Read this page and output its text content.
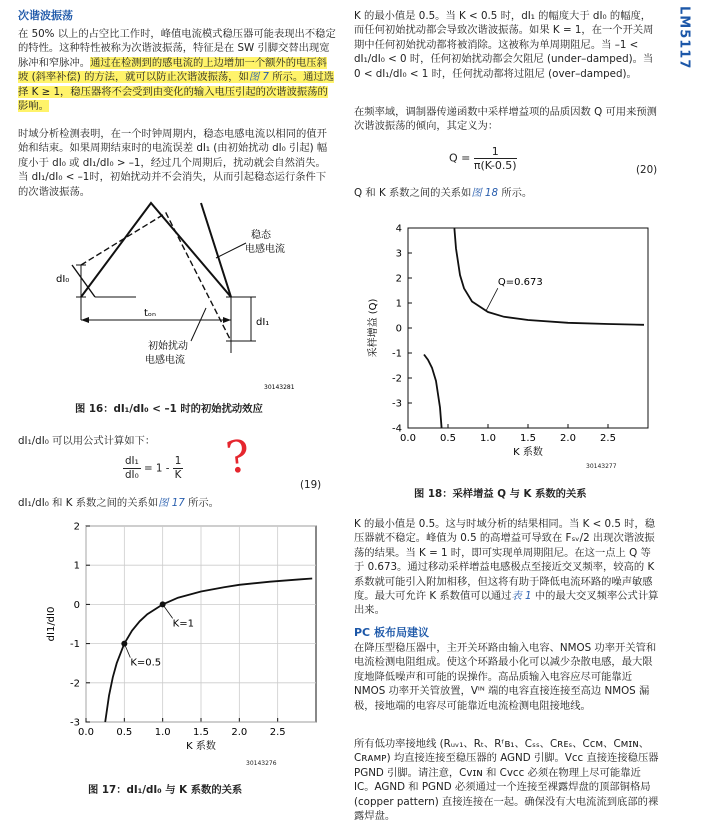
LM5117
次谐波振荡

在 50% 以上的占空比工作时，峰值电流模式稳压器可能表现出不稳定的特性。这种特性被称为次谐波振荡，特征是在 SW 引脚交替出现宽脉冲和窄脉冲。通过在检测到的感电流的上边增加一个额外的电压斜坡 (斜率补偿) 的方法，就可以防止次谐波振荡，如图 7 所示。通过选择 K ≥ 1，稳压器将不会受到由变化的输入电压引起的次谐波振荡的影响。

时域分析检测表明，在一个时钟周期内，稳态电感电流以相同的值开始和结束。如果周期结束时的电流误差 dI₁ (由初始扰动 dI₀ 引起) 幅度小于 dI₀ 或 dI₁/dI₀ > –1，经过几个周期后，扰动就会自然消失。当 dI₁/dI₀ < –1时，初始扰动并不会消失，从而引起稳态运行条件下的次谐波振荡。

dI₀
tₒₙ
dI₁
稳态
电感电流
初始扰动
电感电流
30143281
图 16：dI₁/dI₀ < –1 时的初始扰动效应
dI₁/dI₀ 可以用公式计算如下：
$\frac{\text{dI₁}}{\text{dI₀}} = 1 - \frac{1}{K}$
(19)
?
dI₁/dI₀ 和 K 系数之间的关系如图 17 所示。
0.0 0.5 1.0 1.5 2.0 2.5
2
1
0
-1
-2
-3
K 系数
dI1/dI0	K=1
K=0.5
图 17：dI₁/dI₀ 与 K 系数的关系
30143276

K 的最小值是 0.5。当 K < 0.5 时，dI₁ 的幅度大于 dI₀ 的幅度，而任何初始扰动都会导致次谐波振荡。如果 K = 1，在一个开关周期中任何初始扰动都将被消除。这被称为单周期阻尼。当 –1 < dI₁/dI₀ < 0 时，任何初始扰动都会欠阻尼 (under–damped)。当 0 < dI₁/dI₀ < 1 时，任何扰动都将过阻尼 (over–damped)。

在频率域，调制器传递函数中采样增益项的品质因数 Q 可用来预测次谐波振荡的倾向，其定义为：

$Q = \frac{1}{\pi(K-0.5)}$	(20)
Q 和 K 系数之间的关系如图 18 所示。
0.0 0.5 1.0 1.5 2.0 2.5
4
3
2
1
0
-1
-2
-3
-4
K 系数
采样增益 (Q)
Q=0.673
30143277
图 18：采样增益 Q 与 K 系数的关系

K 的最小值是 0.5。这与时域分析的结果相同。当 K < 0.5 时，稳压器就不稳定。峰值为 0.5 的高增益可导致在 Fₛᵥ/2 出现次谐波振荡的结果。当 K = 1 时，即可实现单周期阻尼。在这一点上 Q 等于 0.673。通过移动采样增益电感极点至接近交叉频率，较高的 K 系数就可能引入附加相移，但这将有助于降低电流环路的噪声敏感度。最大可允许 K 系数值可以通过表 1 中的最大交叉频率公式计算出来。

PC 板布局建议

在降压型稳压器中，主开关环路由输入电容、NMOS 功率开关管和电流检测电阻组成。使这个环路最小化可以减少杂散电感，最大限度地降低噪声和可能的误操作。高品质输入电容应尽可能靠近 NMOS 功率开关管放置，Vᴵᴺ 端的电容直接连接至高边 NMOS 漏极，接地端的电容尽可能靠近电流检测电阻接地线。

所有低功率接地线 (Rᵤᵥ₁、Rₜ、Rᶠʙ₁、Cₛₛ、Cʀᴇₛ、Cᴄᴍ、Cᴍɪɴ、Cʀᴀᴍᴘ) 均直接连接至稳压器的 AGND 引脚。Vᴄᴄ 直接连接稳压器 PGND 引脚。请注意，Cᴠɪɴ 和 Cᴠᴄᴄ 必须在物理上尽可能靠近 IC。AGND 和 PGND 必须通过一个连接至裸露焊盘的顶部铜格局 (copper pattern) 直接连接在一起。确保没有大电流流到底部的裸露焊盘。
